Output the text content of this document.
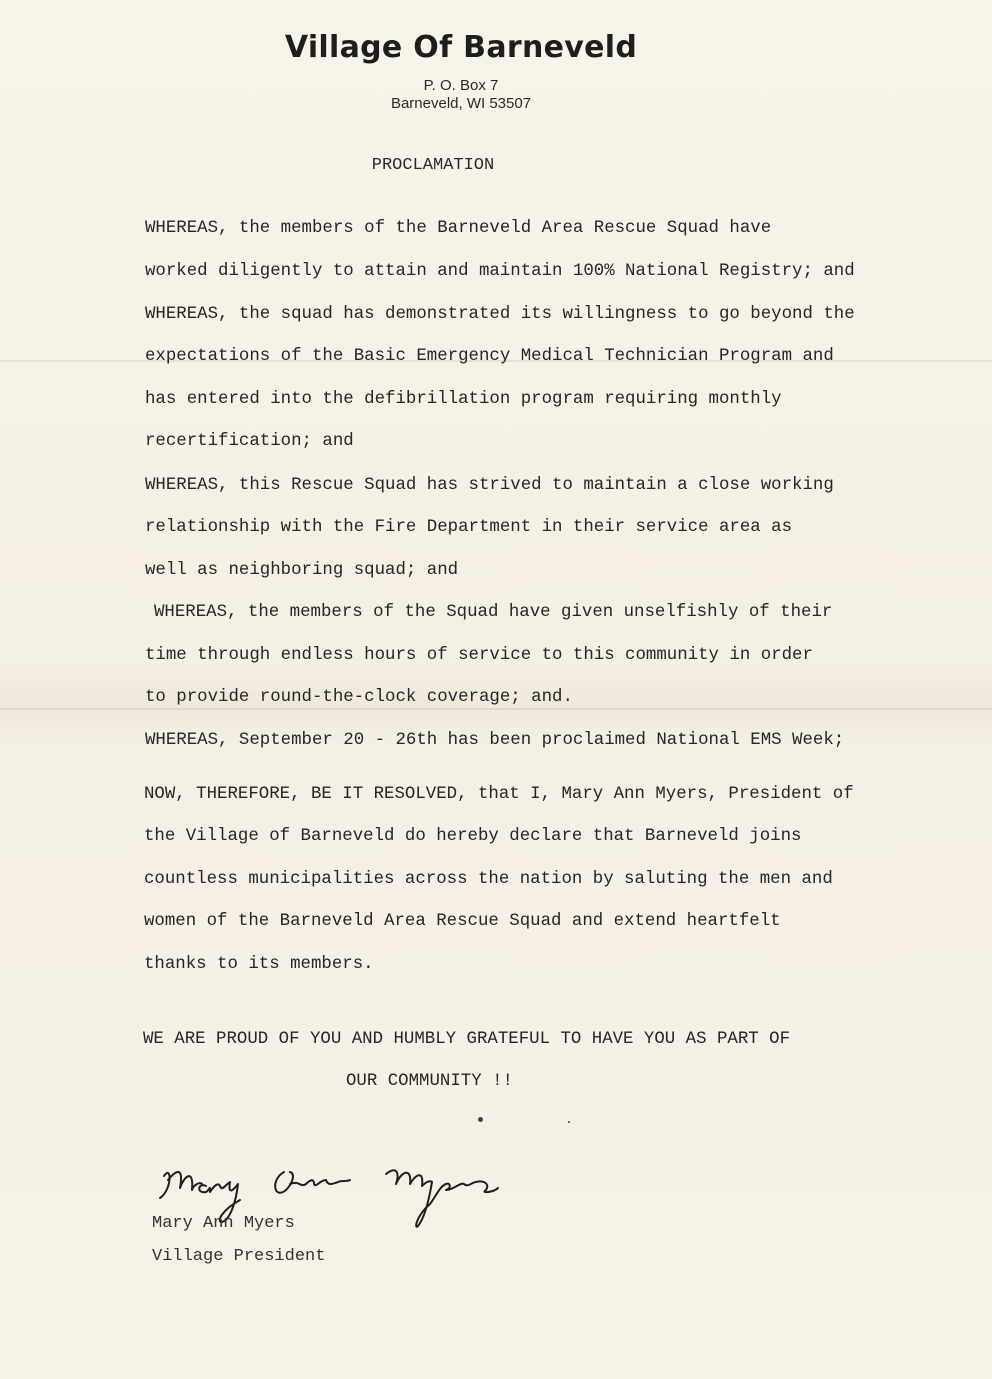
Village Of Barneveld
P. O. Box 7
Barneveld, WI 53507
PROCLAMATION
WHEREAS, the members of the Barneveld Area Rescue Squad have
worked diligently to attain and maintain 100% National Registry; and
WHEREAS, the squad has demonstrated its willingness to go beyond the
expectations of the Basic Emergency Medical Technician Program and
has entered into the defibrillation program requiring monthly
recertification; and
WHEREAS, this Rescue Squad has strived to maintain a close working
relationship with the Fire Department in their service area as
well as neighboring squad; and
WHEREAS, the members of the Squad have given unselfishly of their
time through endless hours of service to this community in order
to provide round-the-clock coverage; and.
WHEREAS, September 20 - 26th has been proclaimed National EMS Week;
NOW, THEREFORE, BE IT RESOLVED, that I, Mary Ann Myers, President of
the Village of Barneveld do hereby declare that Barneveld joins
countless municipalities across the nation by saluting the men and
women of the Barneveld Area Rescue Squad and extend heartfelt
thanks to its members.
WE ARE PROUD OF YOU AND HUMBLY GRATEFUL TO HAVE YOU AS PART OF
OUR COMMUNITY !!
Mary Ann Myers
Village President
